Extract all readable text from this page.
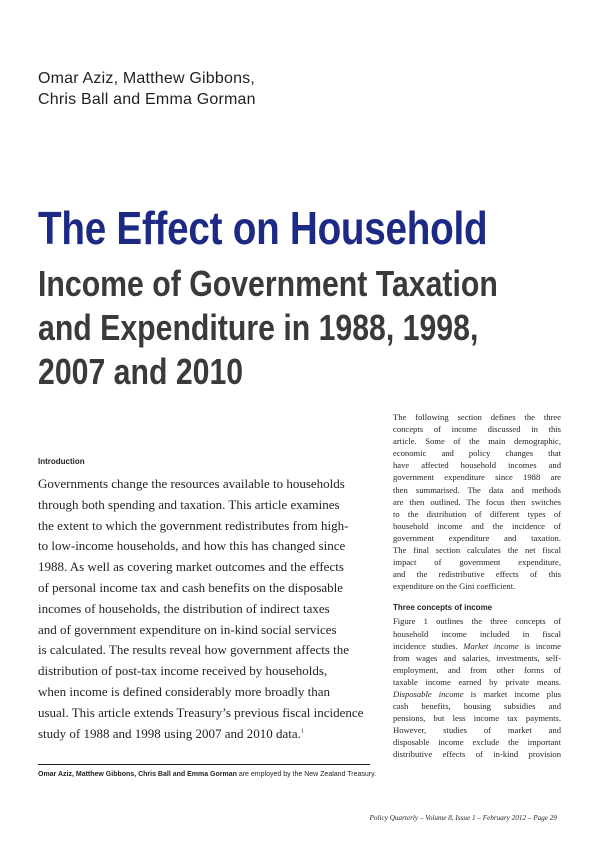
Omar Aziz, Matthew Gibbons,
Chris Ball and Emma Gorman
The Effect on Household
Income of Government Taxation
and Expenditure in 1988, 1998,
2007 and 2010
Introduction
Governments change the resources available to households
through both spending and taxation. This article examines
the extent to which the government redistributes from high-
to low-income households, and how this has changed since
1988. As well as covering market outcomes and the effects
of personal income tax and cash benefits on the disposable
incomes of households, the distribution of indirect taxes
and of government expenditure on in-kind social services
is calculated. The results reveal how government affects the
distribution of post-tax income received by households,
when income is defined considerably more broadly than
usual. This article extends Treasury’s previous fiscal incidence
study of 1988 and 1998 using 2007 and 2010 data.$^1$
Omar Aziz, Matthew Gibbons, Chris Ball and Emma Gorman are employed by the New Zealand Treasury.
The following section defines the three
concepts of income discussed in this
article. Some of the main demographic,
economic and policy changes that
have affected household incomes and
government expenditure since 1988 are
then summarised. The data and methods
are then outlined. The focus then switches
to the distribution of different types of
household income and the incidence of
government expenditure and taxation.
The final section calculates the net fiscal
impact of government expenditure,
and the redistributive effects of this
expenditure on the Gini coefficient.
Three concepts of income
Figure 1 outlines the three concepts of
household income included in fiscal
incidence studies. Market income is income
from wages and salaries, investments, self-
employment, and from other forms of
taxable income earned by private means.
Disposable income is market income plus
cash benefits, housing subsidies and
pensions, but less income tax payments.
However, studies of market and
disposable income exclude the important
distributive effects of in-kind provision
Policy Quarterly – Volume 8, Issue 1 – February 2012 – Page 29
